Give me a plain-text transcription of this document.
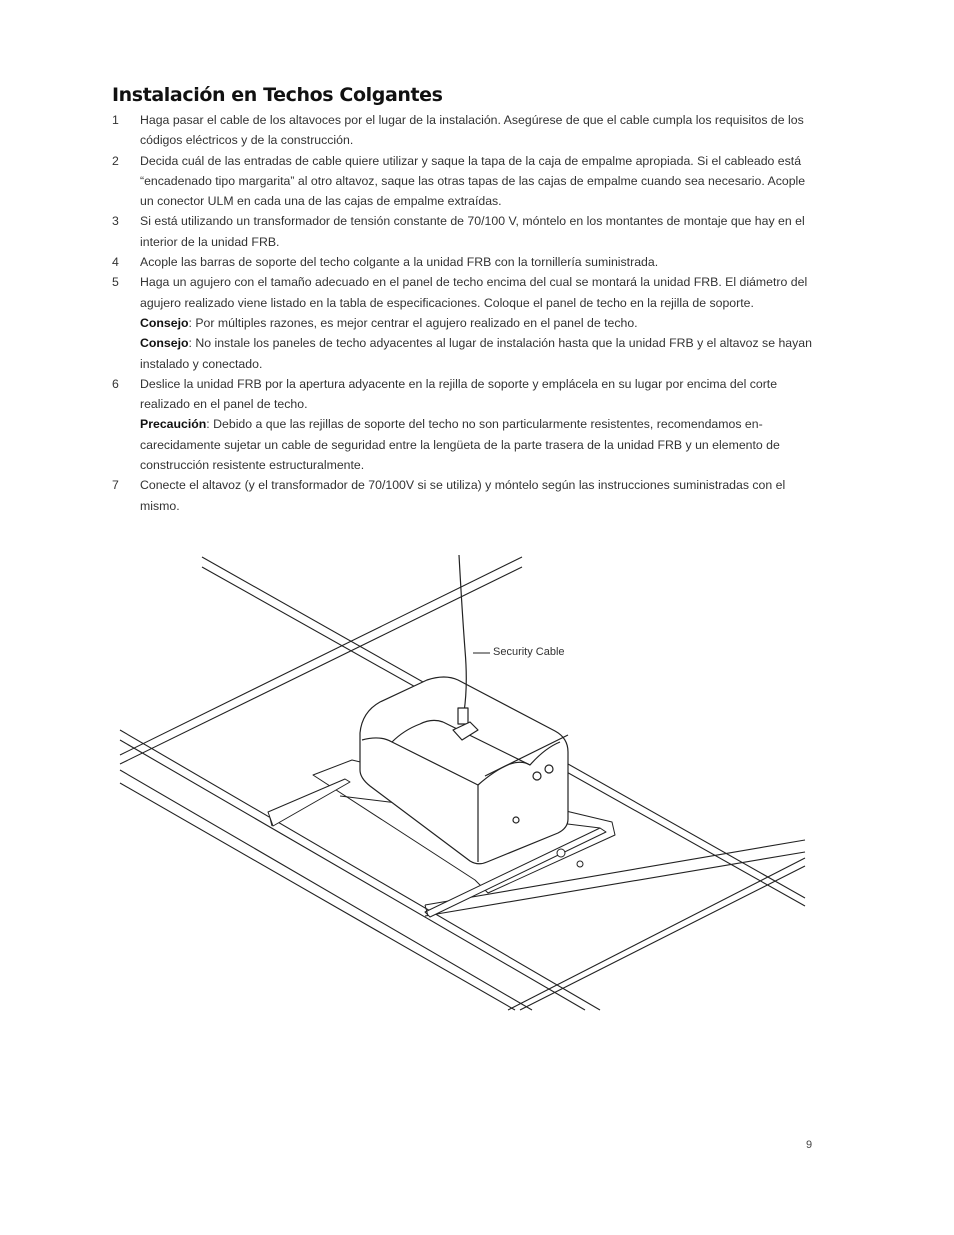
Instalación en Techos Colgantes
1 Haga pasar el cable de los altavoces por el lugar de la instalación. Asegúrese de que el cable cumpla los requisitos de los códigos eléctricos y de la construcción.
2 Decida cuál de las entradas de cable quiere utilizar y saque la tapa de la caja de empalme apropiada. Si el cableado está “encadenado tipo margarita” al otro altavoz, saque las otras tapas de las cajas de empalme cuando sea necesario. Acople un conector ULM en cada una de las cajas de empalme extraídas.
3 Si está utilizando un transformador de tensión constante de 70/100 V, móntelo en los montantes de montaje que hay en el interior de la unidad FRB.
4 Acople las barras de soporte del techo colgante a la unidad FRB con la tornillería suministrada.
5 Haga un agujero con el tamaño adecuado en el panel de techo encima del cual se montará la unidad FRB. El diámetro del agujero realizado viene listado en la tabla de especificaciones. Coloque el panel de techo en la rejilla de soporte.
Consejo: Por múltiples razones, es mejor centrar el agujero realizado en el panel de techo.
Consejo: No instale los paneles de techo adyacentes al lugar de instalación hasta que la unidad FRB y el altavoz se hayan instalado y conectado.
6 Deslice la unidad FRB por la apertura adyacente en la rejilla de soporte y emplácela en su lugar por encima del corte realizado en el panel de techo.
Precaución: Debido a que las rejillas de soporte del techo no son particularmente resistentes, recomendamos en-carecidamente sujetar un cable de seguridad entre la lengüeta de la parte trasera de la unidad FRB y un elemento de construcción resistente estructuralmente.
7 Conecte el altavoz (y el transformador de 70/100V si se utiliza) y móntelo según las instrucciones suministradas con el mismo.
Security Cable
9
